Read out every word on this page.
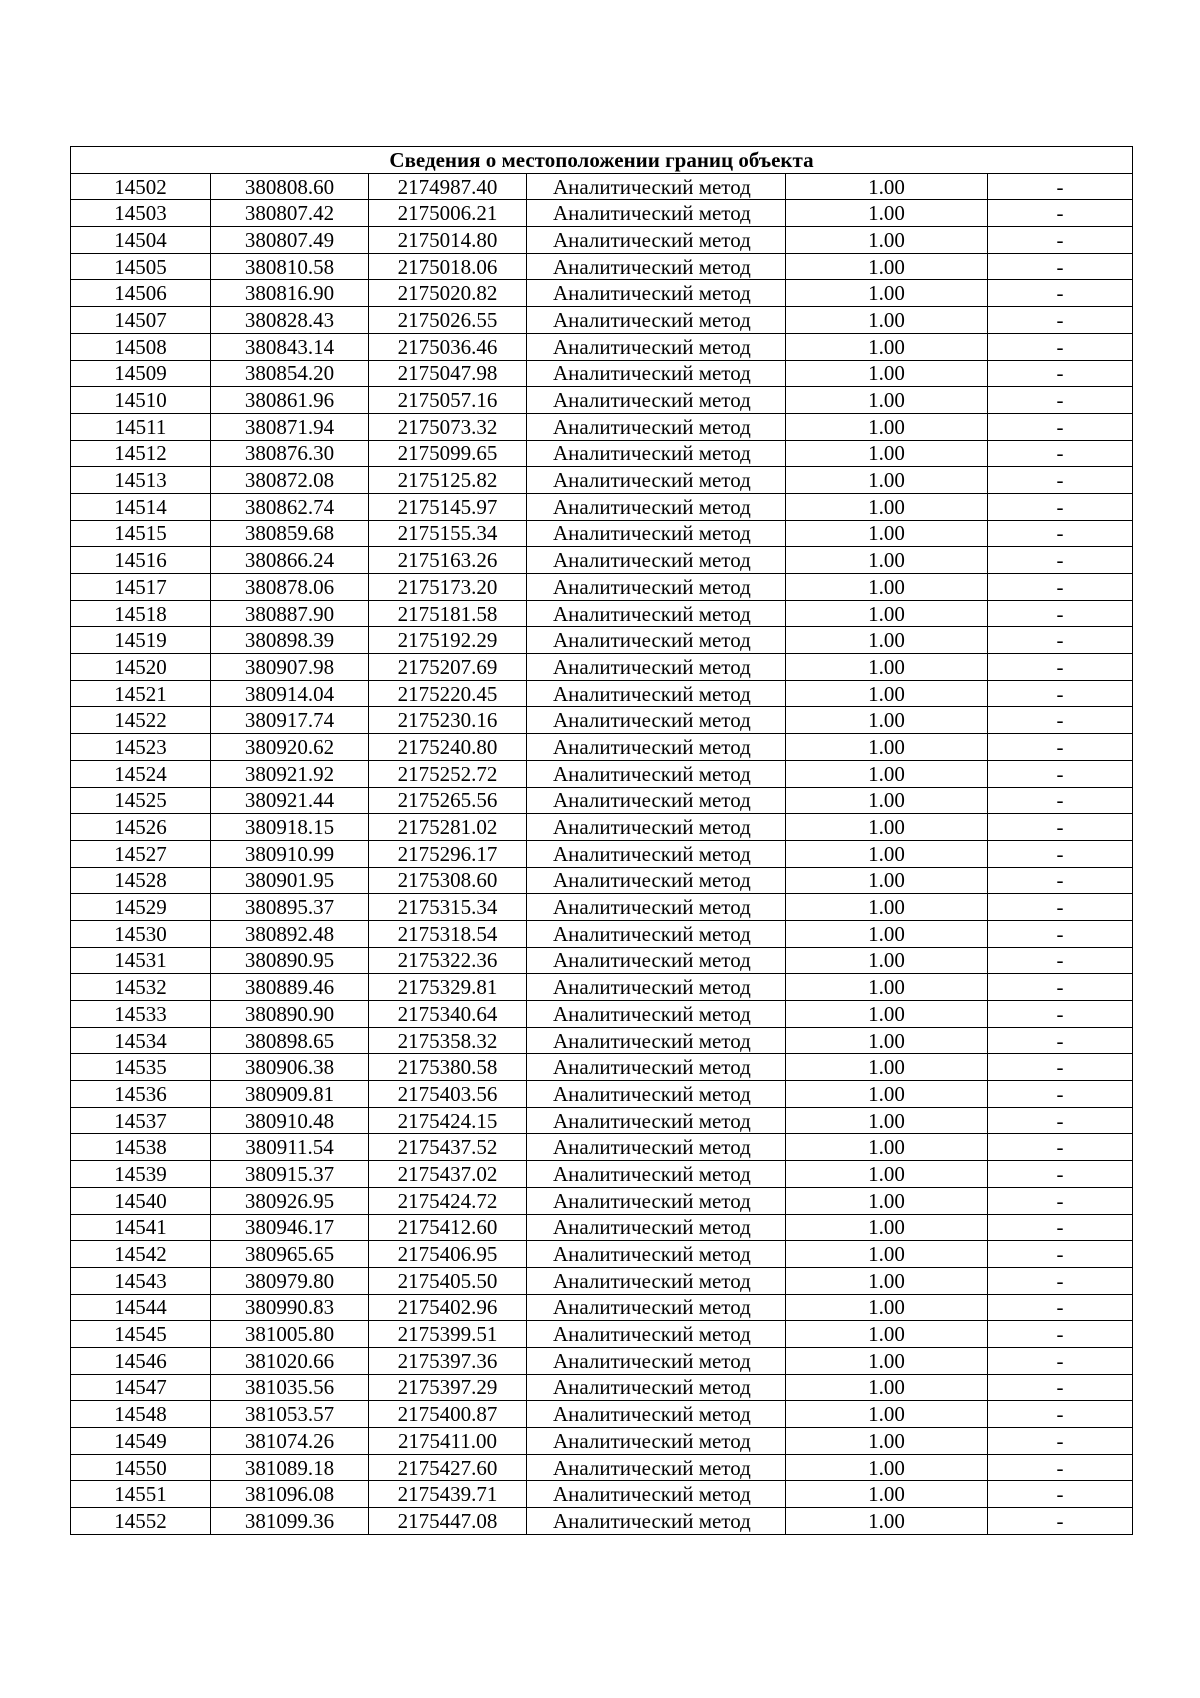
Сведения о местоположении границ объекта					
14502	380808.60	2174987.40	Аналитический метод	1.00	-
14503	380807.42	2175006.21	Аналитический метод	1.00	-
14504	380807.49	2175014.80	Аналитический метод	1.00	-
14505	380810.58	2175018.06	Аналитический метод	1.00	-
14506	380816.90	2175020.82	Аналитический метод	1.00	-
14507	380828.43	2175026.55	Аналитический метод	1.00	-
14508	380843.14	2175036.46	Аналитический метод	1.00	-
14509	380854.20	2175047.98	Аналитический метод	1.00	-
14510	380861.96	2175057.16	Аналитический метод	1.00	-
14511	380871.94	2175073.32	Аналитический метод	1.00	-
14512	380876.30	2175099.65	Аналитический метод	1.00	-
14513	380872.08	2175125.82	Аналитический метод	1.00	-
14514	380862.74	2175145.97	Аналитический метод	1.00	-
14515	380859.68	2175155.34	Аналитический метод	1.00	-
14516	380866.24	2175163.26	Аналитический метод	1.00	-
14517	380878.06	2175173.20	Аналитический метод	1.00	-
14518	380887.90	2175181.58	Аналитический метод	1.00	-
14519	380898.39	2175192.29	Аналитический метод	1.00	-
14520	380907.98	2175207.69	Аналитический метод	1.00	-
14521	380914.04	2175220.45	Аналитический метод	1.00	-
14522	380917.74	2175230.16	Аналитический метод	1.00	-
14523	380920.62	2175240.80	Аналитический метод	1.00	-
14524	380921.92	2175252.72	Аналитический метод	1.00	-
14525	380921.44	2175265.56	Аналитический метод	1.00	-
14526	380918.15	2175281.02	Аналитический метод	1.00	-
14527	380910.99	2175296.17	Аналитический метод	1.00	-
14528	380901.95	2175308.60	Аналитический метод	1.00	-
14529	380895.37	2175315.34	Аналитический метод	1.00	-
14530	380892.48	2175318.54	Аналитический метод	1.00	-
14531	380890.95	2175322.36	Аналитический метод	1.00	-
14532	380889.46	2175329.81	Аналитический метод	1.00	-
14533	380890.90	2175340.64	Аналитический метод	1.00	-
14534	380898.65	2175358.32	Аналитический метод	1.00	-
14535	380906.38	2175380.58	Аналитический метод	1.00	-
14536	380909.81	2175403.56	Аналитический метод	1.00	-
14537	380910.48	2175424.15	Аналитический метод	1.00	-
14538	380911.54	2175437.52	Аналитический метод	1.00	-
14539	380915.37	2175437.02	Аналитический метод	1.00	-
14540	380926.95	2175424.72	Аналитический метод	1.00	-
14541	380946.17	2175412.60	Аналитический метод	1.00	-
14542	380965.65	2175406.95	Аналитический метод	1.00	-
14543	380979.80	2175405.50	Аналитический метод	1.00	-
14544	380990.83	2175402.96	Аналитический метод	1.00	-
14545	381005.80	2175399.51	Аналитический метод	1.00	-
14546	381020.66	2175397.36	Аналитический метод	1.00	-
14547	381035.56	2175397.29	Аналитический метод	1.00	-
14548	381053.57	2175400.87	Аналитический метод	1.00	-
14549	381074.26	2175411.00	Аналитический метод	1.00	-
14550	381089.18	2175427.60	Аналитический метод	1.00	-
14551	381096.08	2175439.71	Аналитический метод	1.00	-
14552	381099.36	2175447.08	Аналитический метод	1.00	-
